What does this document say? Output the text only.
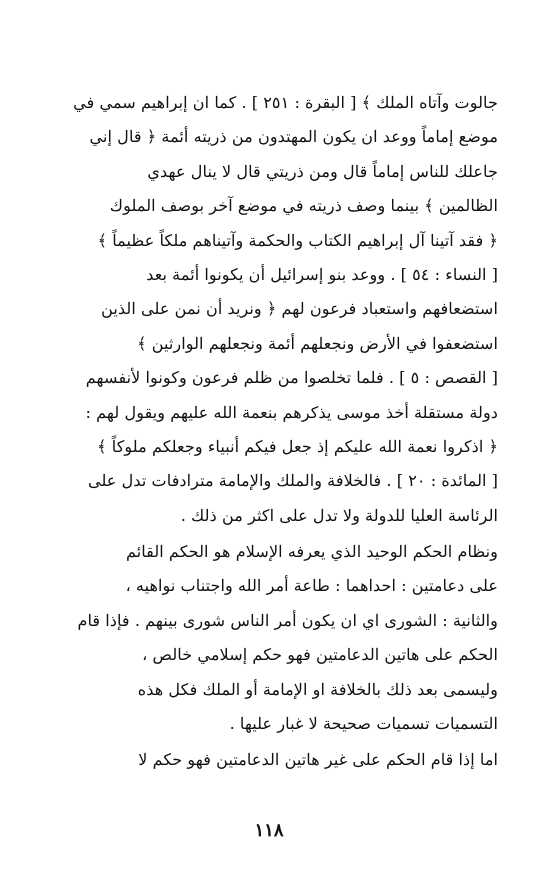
جالوت وآتاه الملك ﴾ [ البقرة : ٢٥١ ] . كما ان إبراهيم سمي في
موضع إماماً ووعد ان يكون المهتدون من ذريته أئمة ﴿ قال إني
جاعلك للناس إماماً قال ومن ذريتي قال لا ينال عهدي
الظالمين ﴾ بينما وصف ذريته في موضع آخر بوصف الملوك
﴿ فقد آتينا آل إبراهيم الكتاب والحكمة وآتيناهم ملكاً عظيماً ﴾
[ النساء : ٥٤ ] . ووعد بنو إسرائيل أن يكونوا أئمة بعد
استضعافهم واستعباد فرعون لهم ﴿ ونريد أن نمن على الذين
استضعفوا في الأرض ونجعلهم أئمة ونجعلهم الوارثين ﴾
[ القصص : ٥ ] . فلما تخلصوا من ظلم فرعون وكونوا لأنفسهم
دولة مستقلة أخذ موسى يذكرهم بنعمة الله عليهم ويقول لهم :
﴿ اذكروا نعمة الله عليكم إذ جعل فيكم أنبياء وجعلكم ملوكاً ﴾
[ المائدة : ٢٠ ] . فالخلافة والملك والإمامة مترادفات تدل على
الرئاسة العليا للدولة ولا تدل على اكثر من ذلك .
ونظام الحكم الوحيد الذي يعرفه الإسلام هو الحكم القائم
على دعامتين : احداهما : طاعة أمر الله واجتناب نواهيه ،
والثانية : الشورى اي ان يكون أمر الناس شورى بينهم . فإذا قام
الحكم على هاتين الدعامتين فهو حكم إسلامي خالص ،
وليسمى بعد ذلك بالخلافة او الإمامة أو الملك فكل هذه
التسميات تسميات صحيحة لا غبار عليها .
اما إذا قام الحكم على غير هاتين الدعامتين فهو حكم لا
١١٨
